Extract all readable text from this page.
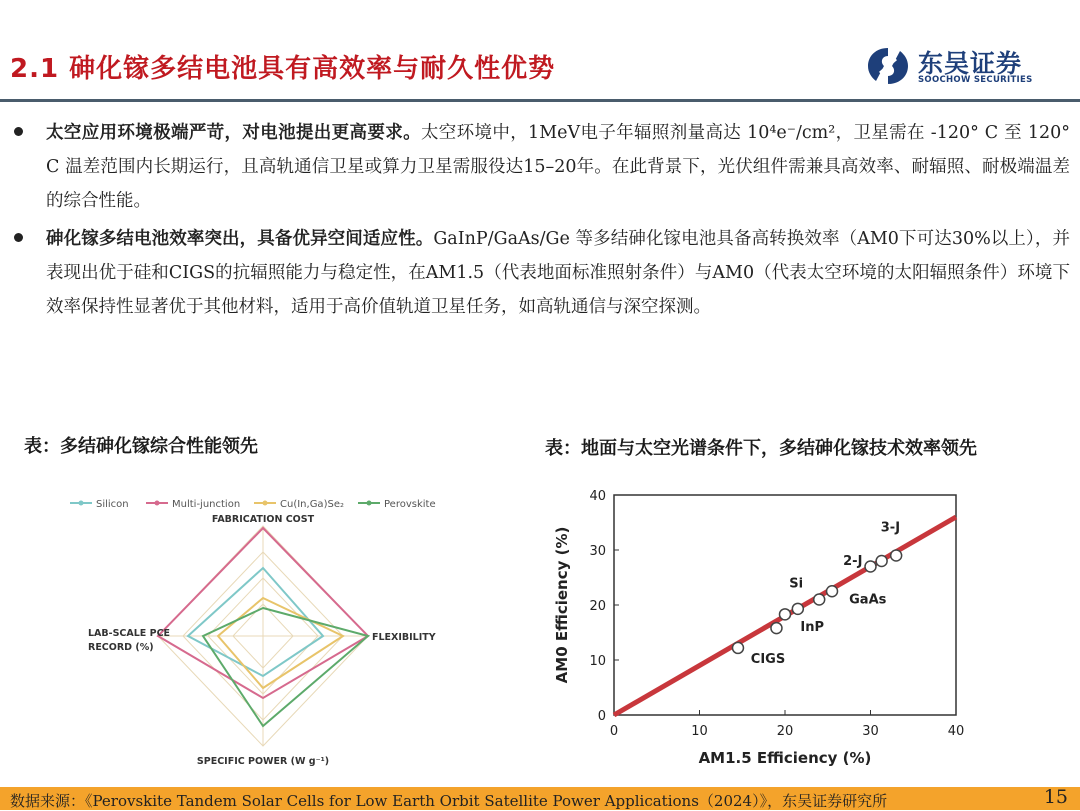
2.1 砷化镓多结电池具有高效率与耐久性优势	东吴证券
SOOCHOW SECURITIES

太空应用环境极端严苛，对电池提出更高要求。太空环境中，1MeV电子年辐照剂量高达 10⁴e⁻/cm²，卫星需在 -120° C 至 120° C 温差范围内长期运行，且高轨通信卫星或算力卫星需服役达15–20年。在此背景下，光伏组件需兼具高效率、耐辐照、耐极端温差的综合性能。

砷化镓多结电池效率突出，具备优异空间适应性。GaInP/GaAs/Ge 等多结砷化镓电池具备高转换效率（AM0下可达30%以上），并表现出优于硅和CIGS的抗辐照能力与稳定性，在AM1.5（代表地面标准照射条件）与AM0（代表太空环境的太阳辐照条件）环境下效率保持性显著优于其他材料，适用于高价值轨道卫星任务，如高轨通信与深空探测。

表：多结砷化镓综合性能领先	表：地面与太空光谱条件下，多结砷化镓技术效率领先
Silicon	Multi-junction	Cu(In,Ga)Se₂	Perovskite
FABRICATION COST
FLEXIBILITY
SPECIFIC POWER (W g⁻¹)
LAB-SCALE PCE
RECORD (%)
0	10	20	30	40
0
10
20
30
40
CIGS
Si
InP
GaAs
2-J
3-J
AM1.5 Efficiency (%)
AM0 Efficiency (%)
数据来源：《Perovskite Tandem Solar Cells for Low Earth Orbit Satellite Power Applications（2024）》，东吴证券研究所	15
